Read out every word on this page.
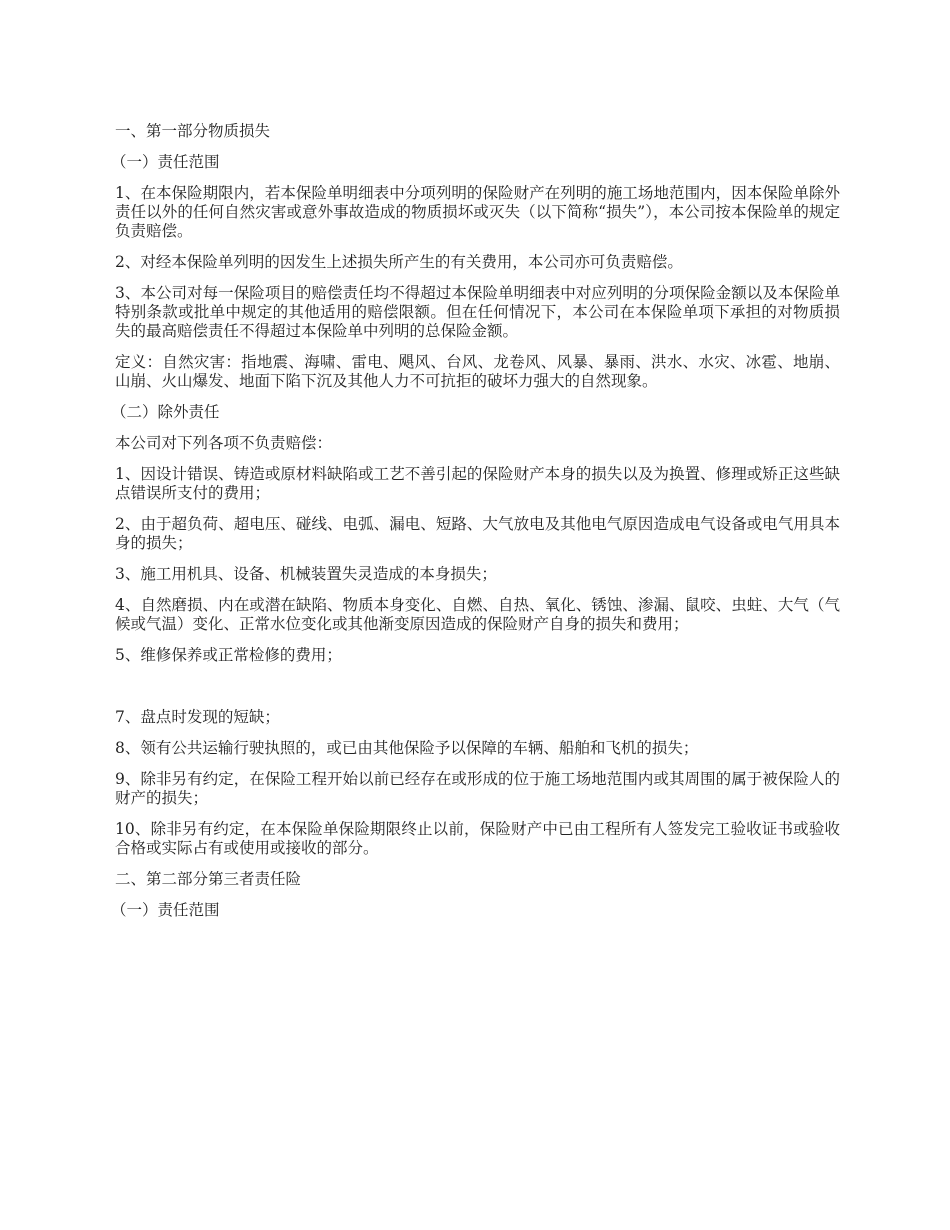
一、第一部分物质损失

（一）责任范围

1、在本保险期限内，若本保险单明细表中分项列明的保险财产在列明的施工场地范围内，因本保险单除外责任以外的任何自然灾害或意外事故造成的物质损坏或灭失（以下简称“损失”），本公司按本保险单的规定负责赔偿。

2、对经本保险单列明的因发生上述损失所产生的有关费用，本公司亦可负责赔偿。

3、本公司对每一保险项目的赔偿责任均不得超过本保险单明细表中对应列明的分项保险金额以及本保险单特别条款或批单中规定的其他适用的赔偿限额。但在任何情况下，本公司在本保险单项下承担的对物质损失的最高赔偿责任不得超过本保险单中列明的总保险金额。

定义：自然灾害：指地震、海啸、雷电、飓风、台风、龙卷风、风暴、暴雨、洪水、水灾、冰雹、地崩、山崩、火山爆发、地面下陷下沉及其他人力不可抗拒的破坏力强大的自然现象。

（二）除外责任

本公司对下列各项不负责赔偿：

1、因设计错误、铸造或原材料缺陷或工艺不善引起的保险财产本身的损失以及为换置、修理或矫正这些缺点错误所支付的费用；

2、由于超负荷、超电压、碰线、电弧、漏电、短路、大气放电及其他电气原因造成电气设备或电气用具本身的损失；

3、施工用机具、设备、机械装置失灵造成的本身损失；

4、自然磨损、内在或潜在缺陷、物质本身变化、自燃、自热、氧化、锈蚀、渗漏、鼠咬、虫蛀、大气（气候或气温）变化、正常水位变化或其他渐变原因造成的保险财产自身的损失和费用；

5、维修保养或正常检修的费用；

7、盘点时发现的短缺；

8、领有公共运输行驶执照的，或已由其他保险予以保障的车辆、船舶和飞机的损失；

9、除非另有约定，在保险工程开始以前已经存在或形成的位于施工场地范围内或其周围的属于被保险人的财产的损失；

10、除非另有约定，在本保险单保险期限终止以前，保险财产中已由工程所有人签发完工验收证书或验收合格或实际占有或使用或接收的部分。

二、第二部分第三者责任险

（一）责任范围
